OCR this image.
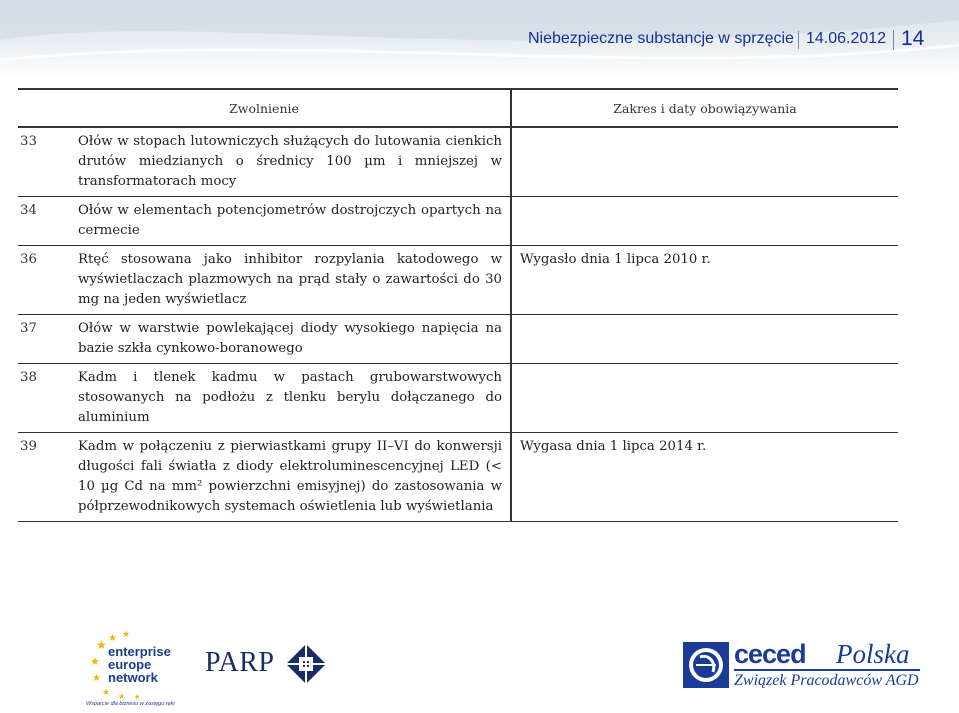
Niebezpieczne substancje w sprzęcie 14.06.2012 14
Zwolnienie		Zakres i daty obowiązywania
33	Ołów w stopach lutowniczych służących do lutowania cienkich drutów miedzianych o średnicy 100 µm i mniejszej w transformatorach mocy	
34	Ołów w elementach potencjometrów dostrojczych opartych na cermecie	
36	Rtęć stosowana jako inhibitor rozpylania katodowego w wyświetlaczach plazmowych na prąd stały o zawartości do 30 mg na jeden wyświetlacz	Wygasło dnia 1 lipca 2010 r.
37	Ołów w warstwie powlekającej diody wysokiego napięcia na bazie szkła cynkowo-boranowego	
38	Kadm i tlenek kadmu w pastach grubowarstwowych stosowanych na podłożu z tlenku berylu dołączanego do aluminium	
39	Kadm w połączeniu z pierwiastkami grupy II–VI do konwersji długości fali światła z diody elektroluminescencyjnej LED (< 10 µg Cd na mm² powierzchni emisyjnej) do zastosowania w półprzewodnikowych systemach oświetlenia lub wyświetlania	Wygasa dnia 1 lipca 2014 r.
★
★
★
★
★ ★
★ ★
enterprise
europe
network
Wsparcie dla biznesu w zasięgu ręki
PARP	ceced Polska
Związek Pracodawców AGD
